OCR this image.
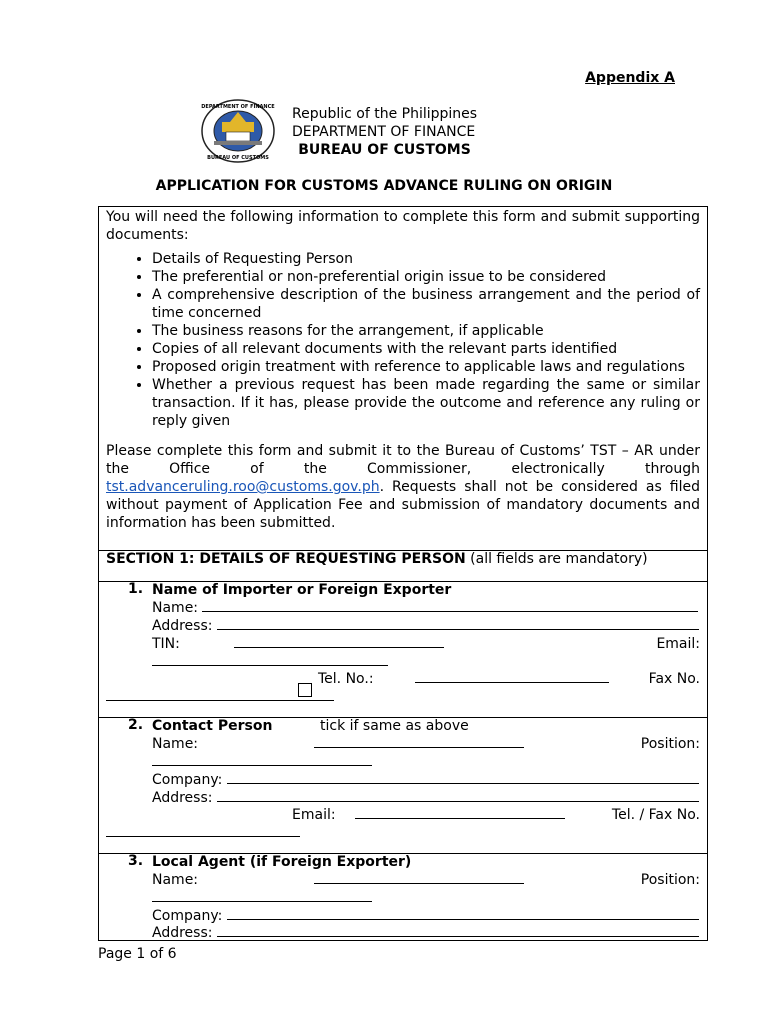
Appendix A
DEPARTMENT OF FINANCE
BUREAU OF CUSTOMS
Republic of the Philippines
DEPARTMENT OF FINANCE
BUREAU OF CUSTOMS
APPLICATION FOR CUSTOMS ADVANCE RULING ON ORIGIN
You will need the following information to complete this form and submit supporting documents:
• Details of Requesting Person
• The preferential or non-preferential origin issue to be considered
• A comprehensive description of the business arrangement and the period of time concerned
• The business reasons for the arrangement, if applicable
• Copies of all relevant documents with the relevant parts identified
• Proposed origin treatment with reference to applicable laws and regulations
• Whether a previous request has been made regarding the same or similar transaction. If it has, please provide the outcome and reference any ruling or reply given

Please complete this form and submit it to the Bureau of Customs’ TST – AR under the Office of the Commissioner, electronically through tst.advanceruling.roo@customs.gov.ph. Requests shall not be considered as filed without payment of Application Fee and submission of mandatory documents and information has been submitted.

SECTION 1: DETAILS OF REQUESTING PERSON (all fields are mandatory)
1. Name of Importer or Foreign Exporter
Name:
Address:
TIN:	Email:
Tel. No.:	Fax No.
2. Contact Person	tick if same as above
Name:	Position:
Company:
Address:
Email:	Tel. / Fax No.
3. Local Agent (if Foreign Exporter)
Name:	Position:
Company:
Address:
Page 1 of 6
